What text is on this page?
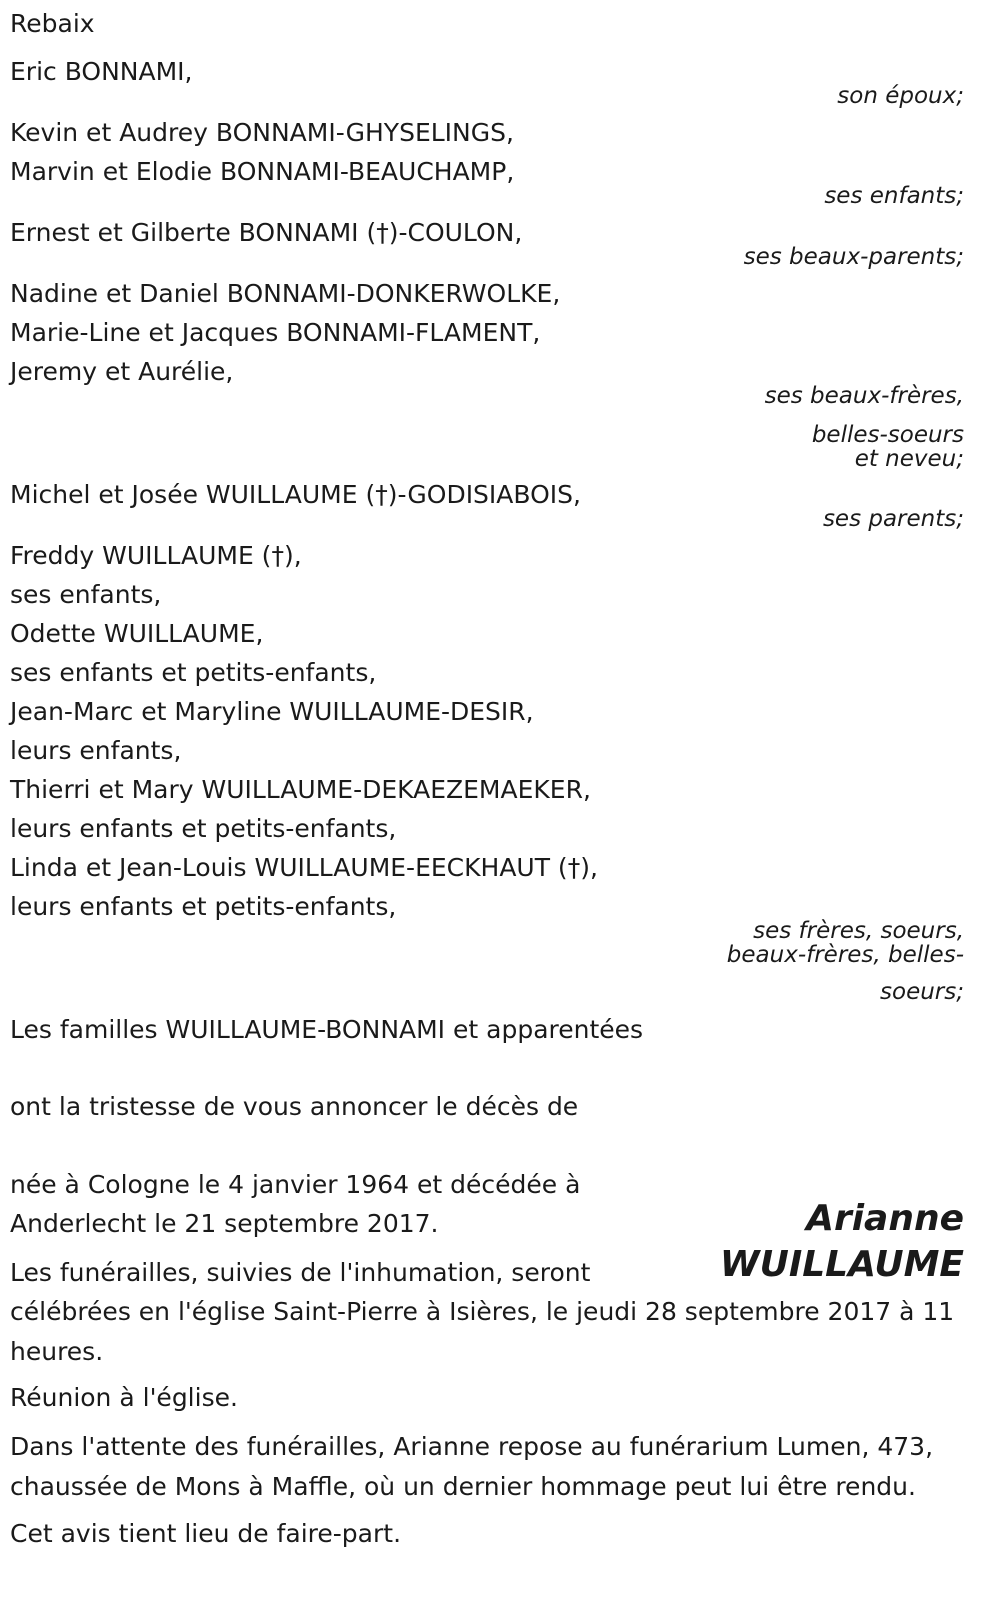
Rebaix
Eric BONNAMI,
son époux;
Kevin et Audrey BONNAMI-GHYSELINGS,
Marvin et Elodie BONNAMI-BEAUCHAMP,
ses enfants;
Ernest et Gilberte BONNAMI (†)-COULON,
ses beaux-parents;
Nadine et Daniel BONNAMI-DONKERWOLKE,
Marie-Line et Jacques BONNAMI-FLAMENT,
Jeremy et Aurélie,
ses beaux-frères,
belles-soeurs
et neveu;
Michel et Josée WUILLAUME (†)-GODISIABOIS,
ses parents;
Freddy WUILLAUME (†),
ses enfants,
Odette WUILLAUME,
ses enfants et petits-enfants,
Jean-Marc et Maryline WUILLAUME-DESIR,
leurs enfants,
Thierri et Mary WUILLAUME-DEKAEZEMAEKER,
leurs enfants et petits-enfants,
Linda et Jean-Louis WUILLAUME-EECKHAUT (†),
leurs enfants et petits-enfants,
ses frères, soeurs,
beaux-frères, belles-
soeurs;
Les familles WUILLAUME-BONNAMI et apparentées
ont la tristesse de vous annoncer le décès de
née à Cologne le 4 janvier 1964 et décédée à
Anderlecht le 21 septembre 2017.	Arianne
WUILLAUME
Les funérailles, suivies de l'inhumation, seront
célébrées en l'église Saint-Pierre à Isières, le jeudi 28 septembre 2017 à 11 heures.
Réunion à l'église.
Dans l'attente des funérailles, Arianne repose au funérarium Lumen, 473, chaussée de Mons à Maffle, où un dernier hommage peut lui être rendu.
Cet avis tient lieu de faire-part.
